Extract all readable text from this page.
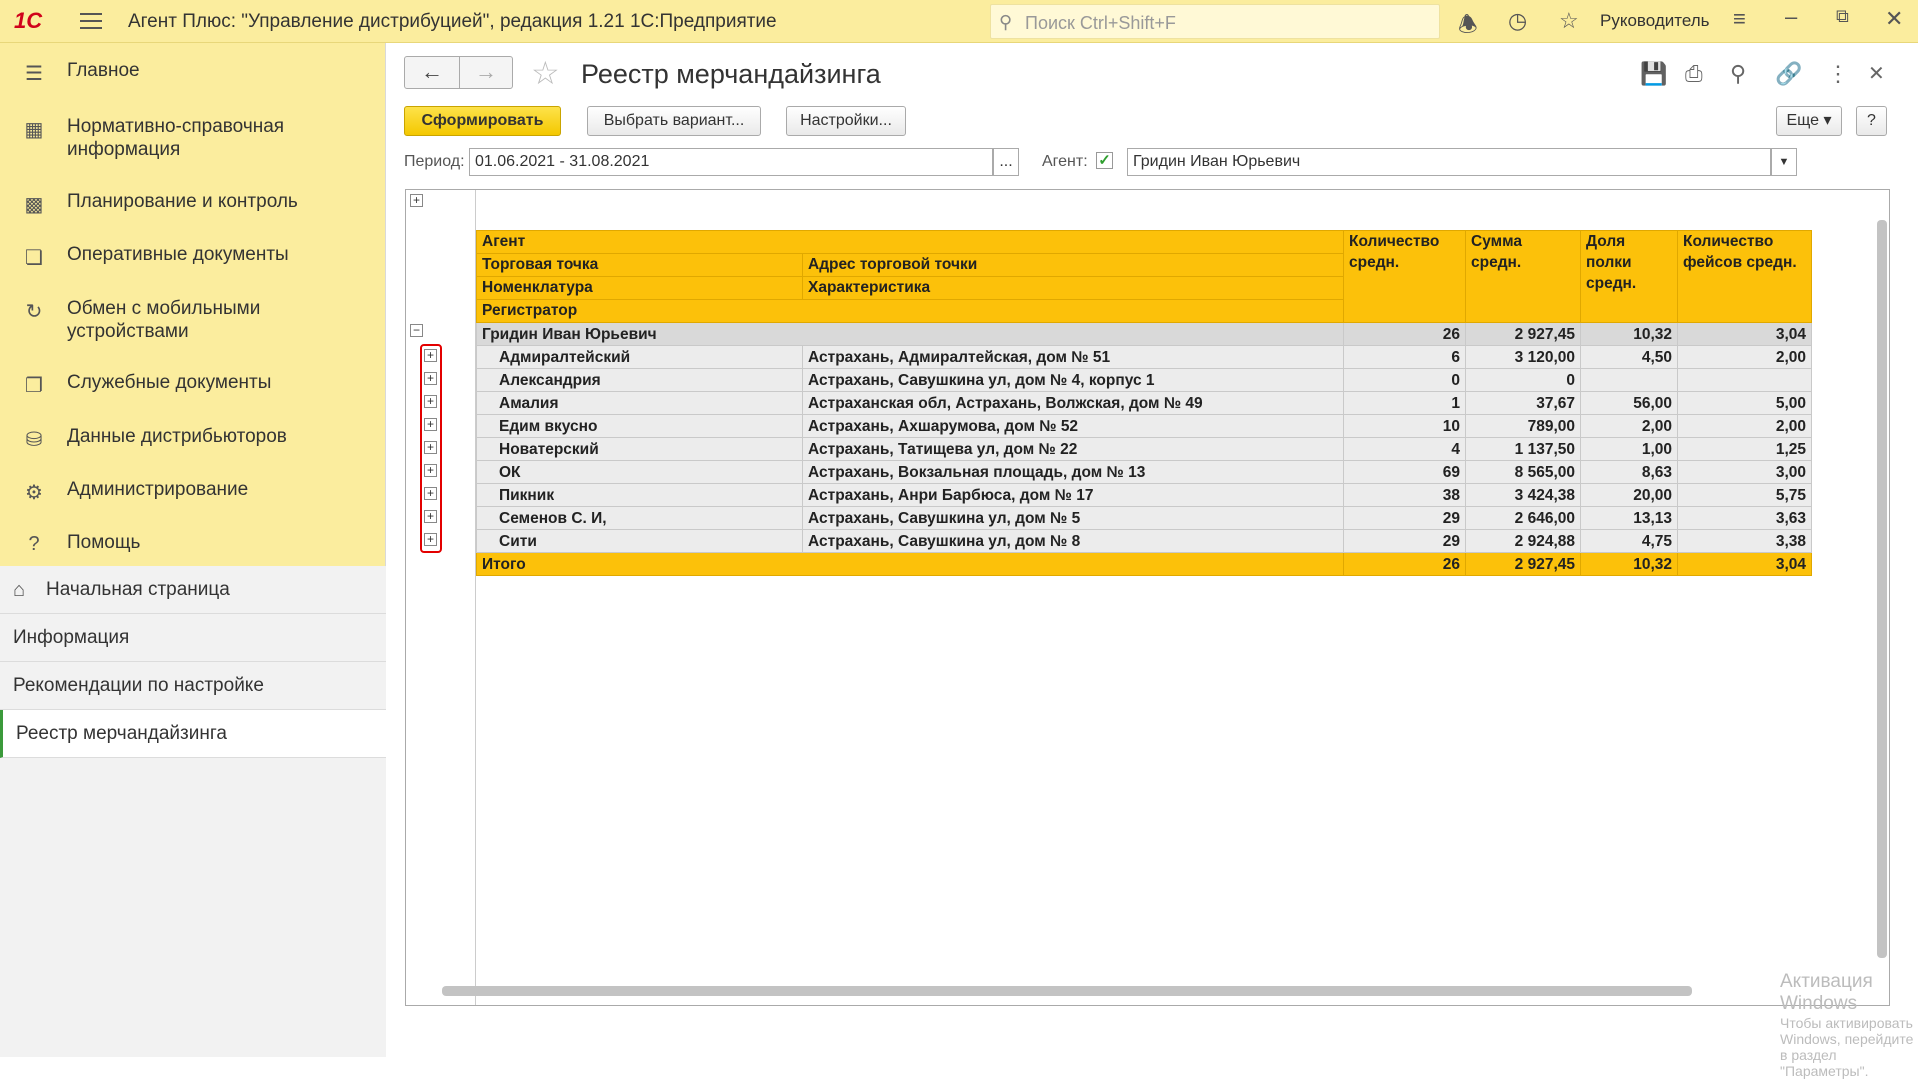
1С	Агент Плюс: "Управление дистрибуцией", редакция 1.21 1С:Предприятие	⚲ Поиск Ctrl+Shift+F	🕭 ◷ ☆ Руководитель ≡ – ⧉ ✕
☰ Главное
▦ Нормативно-справочная информация
▩ Планирование и контроль
❏ Оперативные документы
↻ Обмен с мобильными устройствами
❐ Служебные документы
⛁ Данные дистрибьюторов
⚙ Администрирование
?	Помощь
⌂ Начальная страница
Информация
Рекомендации по настройке
Реестр мерчандайзинга
←	→	☆ Реестр мерчандайзинга	💾 ⎙ ⚲ 🔗 ⋮ ✕
Сформировать	Выбрать вариант...	Настройки...	Еще ▾	?
Период: 01.06.2021 - 31.08.2021	...	Агент: ✓	Гридин Иван Юрьевич	▼
+
−
+
+
+
+
+
+
+
+
+
Агент		Количество средн.	Сумма средн.	Доля полки средн.	Количество фейсов средн.
Торговая точка	Адрес торговой точки				
Номенклатура	Характеристика				
Регистратор					
Гридин Иван Юрьевич		26	2 927,45	10,32	3,04
Адмиралтейский	Астрахань, Адмиралтейская, дом № 51	6	3 120,00	4,50	2,00
Александрия	Астрахань, Савушкина ул, дом № 4, корпус 1	0	0		
Амалия	Астраханская обл, Астрахань, Волжская, дом № 49	1	37,67	56,00	5,00
Едим вкусно	Астрахань, Ахшарумова, дом № 52	10	789,00	2,00	2,00
Новатерский	Астрахань, Татищева ул, дом № 22	4	1 137,50	1,00	1,25
ОК	Астрахань, Вокзальная площадь, дом № 13	69	8 565,00	8,63	3,00
Пикник	Астрахань, Анри Барбюса, дом № 17	38	3 424,38	20,00	5,75
Семенов С. И,	Астрахань, Савушкина ул, дом № 5	29	2 646,00	13,13	3,63
Сити	Астрахань, Савушкина ул, дом № 8	29	2 924,88	4,75	3,38
Итого		26	2 927,45	10,32	3,04
Активация Windows
Чтобы активировать Windows, перейдите в раздел "Параметры".
